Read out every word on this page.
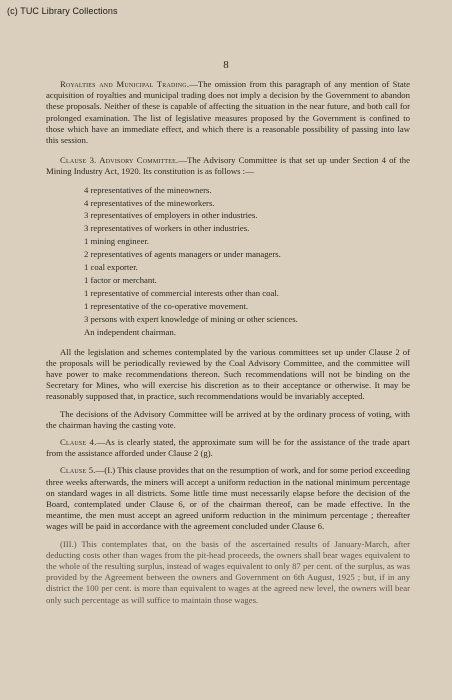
(c) TUC Library Collections
8

Royalties and Municipal Trading.—The omission from this paragraph of any mention of State acquisition of royalties and municipal trading does not imply a decision by the Government to abandon these proposals. Neither of these is capable of affecting the situation in the near future, and both call for prolonged examination. The list of legislative measures proposed by the Government is confined to those which have an immediate effect, and which there is a reasonable possibility of passing into law this session.

Clause 3. Advisory Committee.—The Advisory Committee is that set up under Section 4 of the Mining Industry Act, 1920. Its constitution is as follows :—

4 representatives of the mineowners.
4 representatives of the mineworkers.
3 representatives of employers in other industries.
3 representatives of workers in other industries.
1 mining engineer.
2 representatives of agents managers or under managers.
1 coal exporter.
1 factor or merchant.
1 representative of commercial interests other than coal.
1 representative of the co-operative movement.
3 persons with expert knowledge of mining or other sciences.
An independent chairman.

All the legislation and schemes contemplated by the various committees set up under Clause 2 of the proposals will be periodically reviewed by the Coal Advisory Committee, and the committee will have power to make recommendations thereon. Such recommendations will not be binding on the Secretary for Mines, who will exercise his discretion as to their acceptance or otherwise. It may be reasonably supposed that, in practice, such recommendations would be invariably accepted.

The decisions of the Advisory Committee will be arrived at by the ordinary process of voting, with the chairman having the casting vote.

Clause 4.—As is clearly stated, the approximate sum will be for the assistance of the trade apart from the assistance afforded under Clause 2 (g).

Clause 5.—(I.) This clause provides that on the resumption of work, and for some period exceeding three weeks afterwards, the miners will accept a uniform reduction in the national minimum percentage on standard wages in all districts. Some little time must necessarily elapse before the decision of the Board, contemplated under Clause 6, or of the chairman thereof, can be made effective. In the meantime, the men must accept an agreed uniform reduction in the minimum percentage ; thereafter wages will be paid in accordance with the agreement concluded under Clause 6.

(III.) This contemplates that, on the basis of the ascertained results of January-March, after deducting costs other than wages from the pit-head proceeds, the owners shall bear wages equivalent to the whole of the resulting surplus, instead of wages equivalent to only 87 per cent. of the surplus, as was provided by the Agreement between the owners and Government on 6th August, 1925 ; but, if in any district the 100 per cent. is more than equivalent to wages at the agreed new level, the owners will bear only such percentage as will suffice to maintain those wages.
